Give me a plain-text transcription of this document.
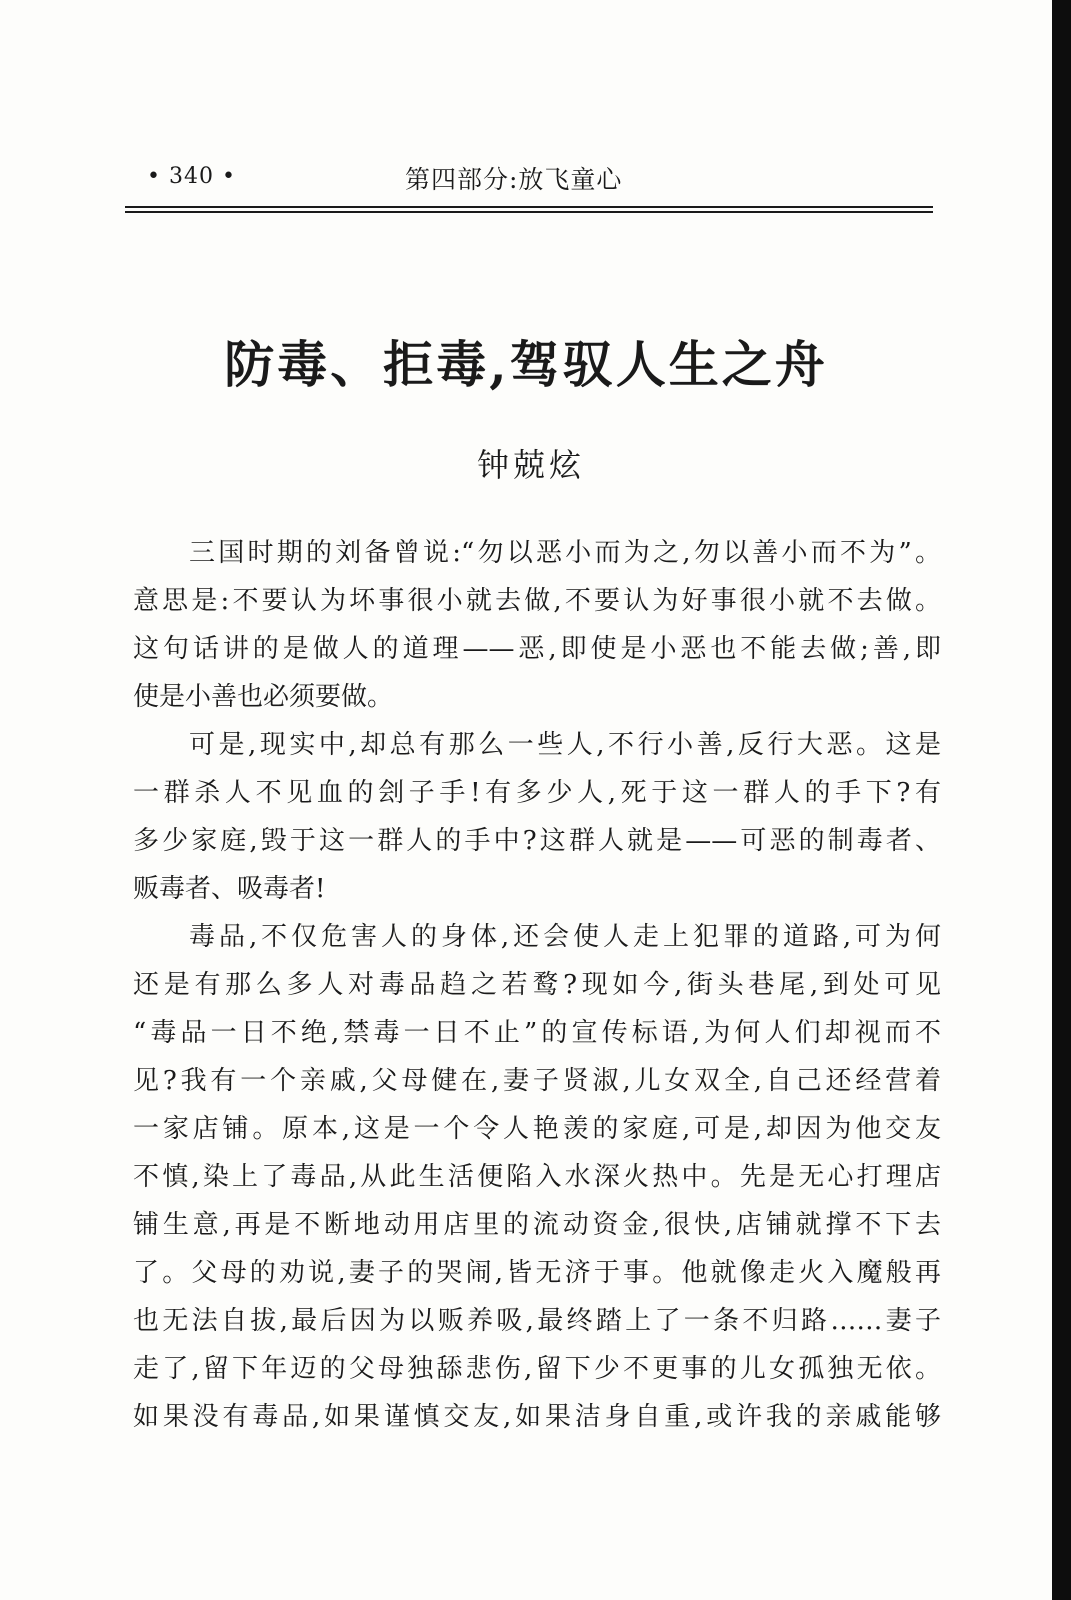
• 340 •	第四部分:放飞童心
防毒、拒毒,驾驭人生之舟
钟兢炫
三国时期的刘备曾说:“勿以恶小而为之,勿以善小而不为”。
意思是:不要认为坏事很小就去做,不要认为好事很小就不去做。
这句话讲的是做人的道理——恶,即使是小恶也不能去做;善,即
使是小善也必须要做。
可是,现实中,却总有那么一些人,不行小善,反行大恶。这是
一群杀人不见血的刽子手!有多少人,死于这一群人的手下?有
多少家庭,毁于这一群人的手中?这群人就是——可恶的制毒者、
贩毒者、吸毒者!
毒品,不仅危害人的身体,还会使人走上犯罪的道路,可为何
还是有那么多人对毒品趋之若鹜?现如今,街头巷尾,到处可见
“毒品一日不绝,禁毒一日不止”的宣传标语,为何人们却视而不
见?我有一个亲戚,父母健在,妻子贤淑,儿女双全,自己还经营着
一家店铺。原本,这是一个令人艳羡的家庭,可是,却因为他交友
不慎,染上了毒品,从此生活便陷入水深火热中。先是无心打理店
铺生意,再是不断地动用店里的流动资金,很快,店铺就撑不下去
了。父母的劝说,妻子的哭闹,皆无济于事。他就像走火入魔般再
也无法自拔,最后因为以贩养吸,最终踏上了一条不归路……妻子
走了,留下年迈的父母独舔悲伤,留下少不更事的儿女孤独无依。
如果没有毒品,如果谨慎交友,如果洁身自重,或许我的亲戚能够
